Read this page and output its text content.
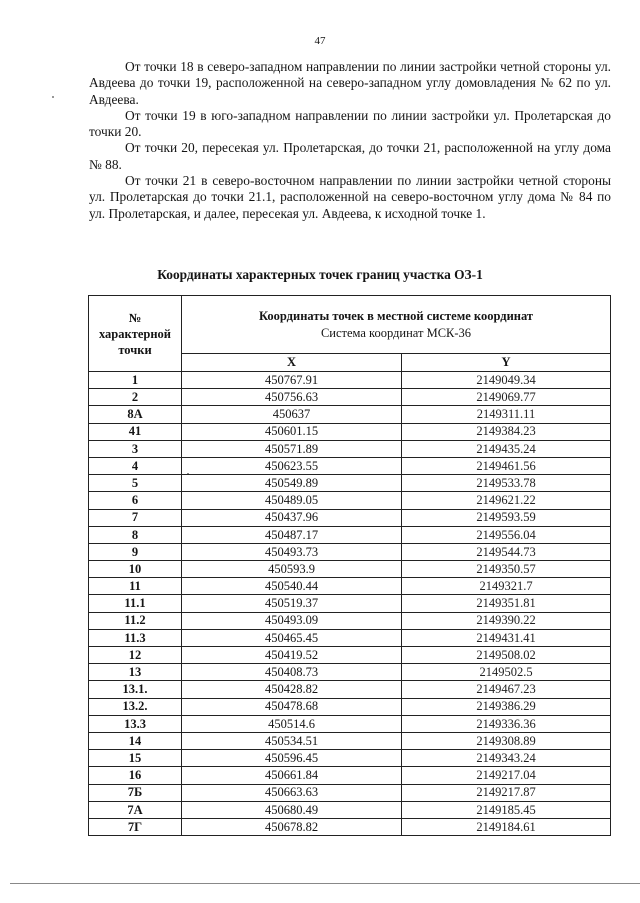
47

От точки 18 в северо-западном направлении по линии застройки четной стороны ул. Авдеева до точки 19, расположенной на северо-западном углу домовладения № 62 по ул. Авдеева.

От точки 19 в юго-западном направлении по линии застройки ул. Пролетарская до точки 20.

От точки 20, пересекая ул. Пролетарская, до точки 21, расположенной на углу дома № 88.

От точки 21 в северо-восточном направлении по линии застройки четной стороны ул. Пролетарская до точки 21.1, расположенной на северо-восточном углу дома № 84 по ул. Пролетарская, и далее, пересекая ул. Авдеева, к исходной точке 1.

Координаты характерных точек границ участка ОЗ-1
№
характерной
точки	Координаты точек в местной системе координат
Система координат МСК-36	
	X	Y
1	450767.91	2149049.34
2	450756.63	2149069.77
8А	450637	2149311.11
41	450601.15	2149384.23
3	450571.89	2149435.24
4	450623.55	2149461.56
5	450549.89	2149533.78
6	450489.05	2149621.22
7	450437.96	2149593.59
8	450487.17	2149556.04
9	450493.73	2149544.73
10	450593.9	2149350.57
11	450540.44	2149321.7
11.1	450519.37	2149351.81
11.2	450493.09	2149390.22
11.3	450465.45	2149431.41
12	450419.52	2149508.02
13	450408.73	2149502.5
13.1.	450428.82	2149467.23
13.2.	450478.68	2149386.29
13.3	450514.6	2149336.36
14	450534.51	2149308.89
15	450596.45	2149343.24
16	450661.84	2149217.04
7Б	450663.63	2149217.87
7А	450680.49	2149185.45
7Г	450678.82	2149184.61
